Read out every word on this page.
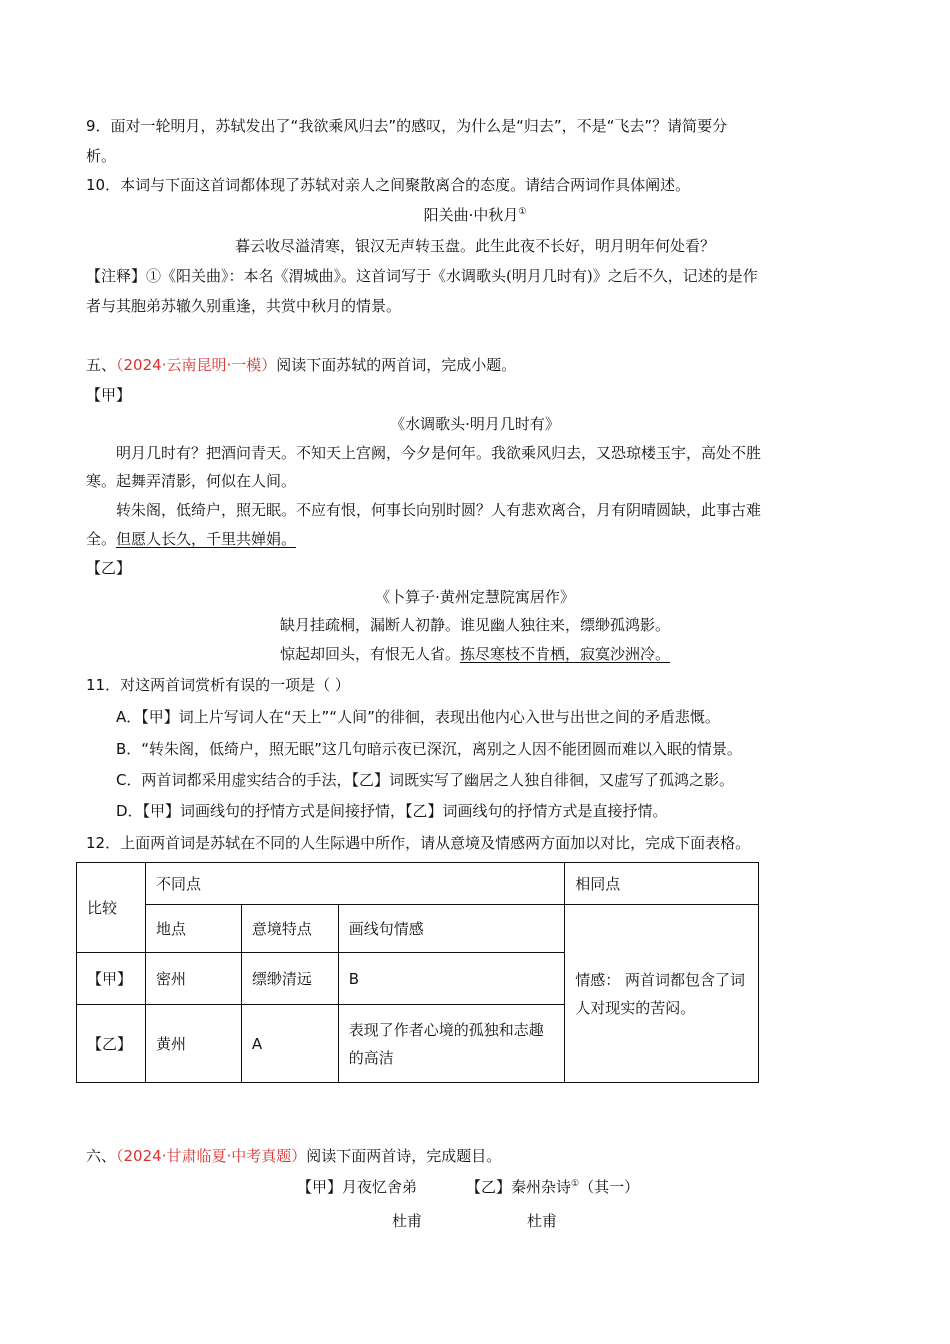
9．面对一轮明月，苏轼发出了“我欲乘风归去”的感叹，为什么是“归去”，不是“飞去”？请简要分
析。
10．本词与下面这首词都体现了苏轼对亲人之间聚散离合的态度。请结合两词作具体阐述。
阳关曲·中秋月①
暮云收尽溢清寒，银汉无声转玉盘。此生此夜不长好，明月明年何处看？
【注释】①《阳关曲》：本名《渭城曲》。这首词写于《水调歌头(明月几时有)》之后不久，记述的是作
者与其胞弟苏辙久别重逢，共赏中秋月的情景。
五、（2024·云南昆明·一模）阅读下面苏轼的两首词，完成小题。
【甲】
《水调歌头·明月几时有》
明月几时有？把酒问青天。不知天上宫阙，今夕是何年。我欲乘风归去，又恐琼楼玉宇，高处不胜
寒。起舞弄清影，何似在人间。
转朱阁，低绮户，照无眠。不应有恨，何事长向别时圆？人有悲欢离合，月有阴晴圆缺，此事古难
全。但愿人长久，千里共婵娟。
【乙】
《卜算子·黄州定慧院寓居作》
缺月挂疏桐，漏断人初静。谁见幽人独往来，缥缈孤鸿影。
惊起却回头，有恨无人省。拣尽寒枝不肯栖，寂寞沙洲冷。
11．对这两首词赏析有误的一项是（ ）
A．【甲】词上片写词人在“天上”“人间”的徘徊，表现出他内心入世与出世之间的矛盾悲慨。
B．“转朱阁，低绮户，照无眠”这几句暗示夜已深沉，离别之人因不能团圆而难以入眠的情景。
C．两首词都采用虚实结合的手法，【乙】词既实写了幽居之人独自徘徊，又虚写了孤鸿之影。
D．【甲】词画线句的抒情方式是间接抒情，【乙】词画线句的抒情方式是直接抒情。
12．上面两首词是苏轼在不同的人生际遇中所作，请从意境及情感两方面加以对比，完成下面表格。
比较	不同点			相同点
	地点	意境特点	画线句情感	情感： 两首词都包含了词人对现实的苦闷。
【甲】	密州	缥缈清远	B	
【乙】	黄州	A	表现了作者心境的孤独和志趣的高洁	
六、（2024·甘肃临夏·中考真题）阅读下面两首诗，完成题目。
【甲】月夜忆舍弟	【乙】秦州杂诗①（其一）
杜甫	杜甫
